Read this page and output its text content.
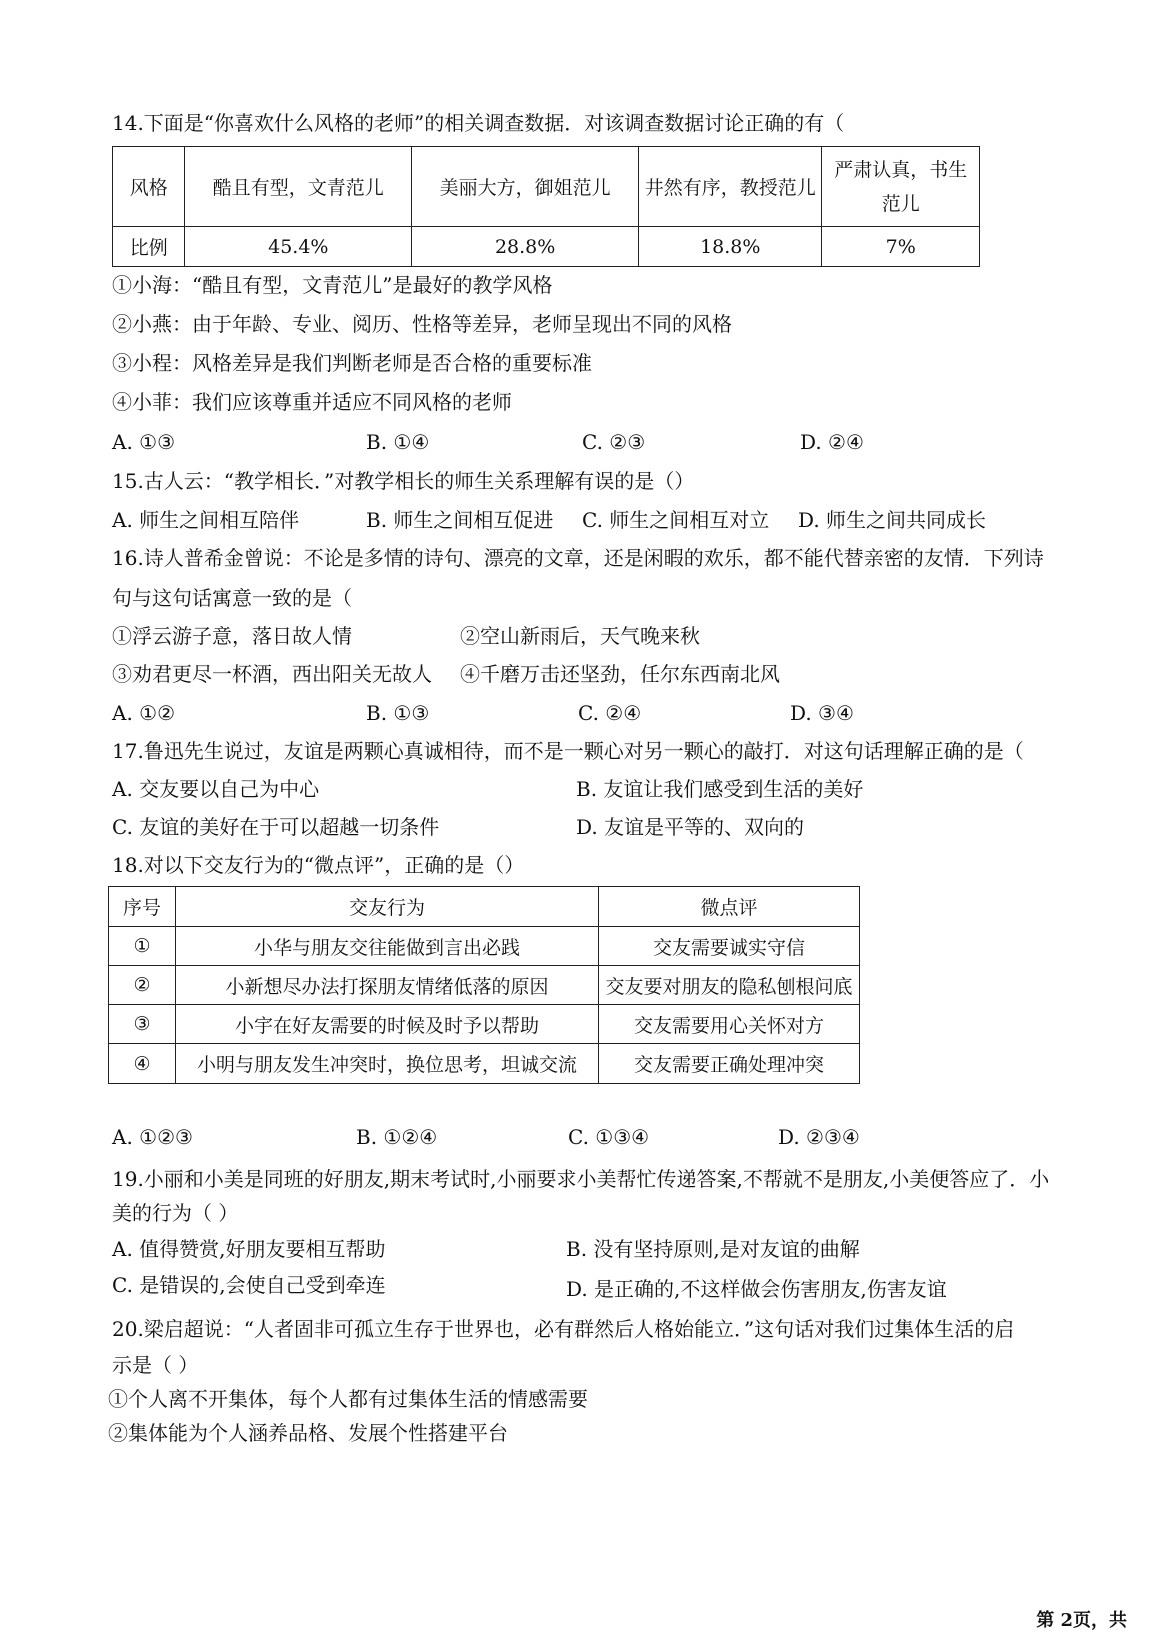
14.下面是“你喜欢什么风格的老师”的相关调查数据．对该调查数据讨论正确的有（
风格	酷且有型，文青范儿	美丽大方，御姐范儿	井然有序，教授范儿	严肃认真，书生范儿
比例	45.4%	28.8%	18.8%	7%
①小海：“酷且有型，文青范儿”是最好的教学风格
②小燕：由于年龄、专业、阅历、性格等差异，老师呈现出不同的风格
③小程：风格差异是我们判断老师是否合格的重要标准
④小菲：我们应该尊重并适应不同风格的老师
A. ①③	B. ①④	C. ②③	D. ②④
15.古人云：“教学相长．”对教学相长的师生关系理解有误的是（）
A. 师生之间相互陪伴	B. 师生之间相互促进 C. 师生之间相互对立 D. 师生之间共同成长
16.诗人普希金曾说：不论是多情的诗句、漂亮的文章，还是闲暇的欢乐，都不能代替亲密的友情．下列诗
句与这句话寓意一致的是（
①浮云游子意，落日故人情	②空山新雨后，天气晚来秋
③劝君更尽一杯酒，西出阳关无故人 ④千磨万击还坚劲，任尔东西南北风
A. ①②	B. ①③	C. ②④	D. ③④
17.鲁迅先生说过，友谊是两颗心真诚相待，而不是一颗心对另一颗心的敲打．对这句话理解正确的是（
A. 交友要以自己为中心	B. 友谊让我们感受到生活的美好
C. 友谊的美好在于可以超越一切条件	D. 友谊是平等的、双向的
18.对以下交友行为的“微点评”，正确的是（）
序号	交友行为	微点评
①	小华与朋友交往能做到言出必践	交友需要诚实守信
②	小新想尽办法打探朋友情绪低落的原因	交友要对朋友的隐私刨根问底
③	小宇在好友需要的时候及时予以帮助	交友需要用心关怀对方
④	小明与朋友发生冲突时，换位思考，坦诚交流	交友需要正确处理冲突
A. ①②③	B. ①②④	C. ①③④	D. ②③④
19.小丽和小美是同班的好朋友,期末考试时,小丽要求小美帮忙传递答案,不帮就不是朋友,小美便答应了．小
美的行为（ ）
A. 值得赞赏,好朋友要相互帮助	B. 没有坚持原则,是对友谊的曲解
C. 是错误的,会使自己受到牵连	D. 是正确的,不这样做会伤害朋友,伤害友谊
20.梁启超说：“人者固非可孤立生存于世界也，必有群然后人格始能立．”这句话对我们过集体生活的启
示是（ ）
①个人离不开集体，每个人都有过集体生活的情感需要
②集体能为个人涵养品格、发展个性搭建平台
第 2页，共
